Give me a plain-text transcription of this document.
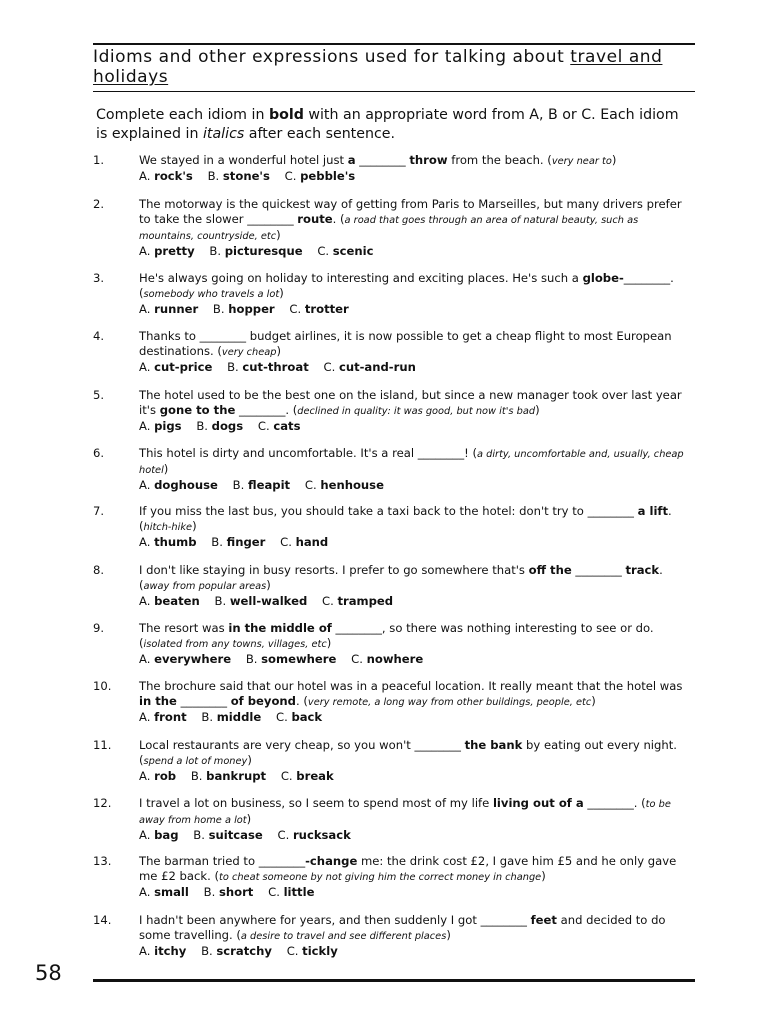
Idioms and other expressions used for talking about travel and holidays

Complete each idiom in bold with an appropriate word from A, B or C. Each idiom is explained in italics after each sentence.

1.	We stayed in a wonderful hotel just a ________ throw from the beach. (very near to)
A. rock's B. stone's C. pebble's
2.	The motorway is the quickest way of getting from Paris to Marseilles, but many drivers prefer to take the slower ________ route. (a road that goes through an area of natural beauty, such as mountains, countryside, etc)
A. pretty B. picturesque C. scenic
3.	He's always going on holiday to interesting and exciting places. He's such a globe-________.
(somebody who travels a lot)
A. runner B. hopper C. trotter
4.	Thanks to ________ budget airlines, it is now possible to get a cheap flight to most European destinations. (very cheap)
A. cut-price B. cut-throat C. cut-and-run
5.	The hotel used to be the best one on the island, but since a new manager took over last year it's gone to the ________. (declined in quality: it was good, but now it's bad)
A. pigs B. dogs C. cats
6.	This hotel is dirty and uncomfortable. It's a real ________! (a dirty, uncomfortable and, usually, cheap hotel)
A. doghouse B. fleapit C. henhouse
7.	If you miss the last bus, you should take a taxi back to the hotel: don't try to ________ a lift.
(hitch-hike)
A. thumb B. finger C. hand
8.	I don't like staying in busy resorts. I prefer to go somewhere that's off the ________ track. (away from popular areas)
A. beaten B. well-walked C. tramped
9.	The resort was in the middle of ________, so there was nothing interesting to see or do. (isolated from any towns, villages, etc)
A. everywhere B. somewhere C. nowhere
10.	The brochure said that our hotel was in a peaceful location. It really meant that the hotel was in the ________ of beyond. (very remote, a long way from other buildings, people, etc)
A. front B. middle C. back
11.	Local restaurants are very cheap, so you won't ________ the bank by eating out every night. (spend a lot of money)
A. rob B. bankrupt C. break
12.	I travel a lot on business, so I seem to spend most of my life living out of a ________. (to be away from home a lot)
A. bag B. suitcase C. rucksack
13.	The barman tried to ________-change me: the drink cost £2, I gave him £5 and he only gave me £2 back. (to cheat someone by not giving him the correct money in change)
A. small B. short C. little
14.	I hadn't been anywhere for years, and then suddenly I got ________ feet and decided to do some travelling. (a desire to travel and see different places)
A. itchy B. scratchy C. tickly

58
